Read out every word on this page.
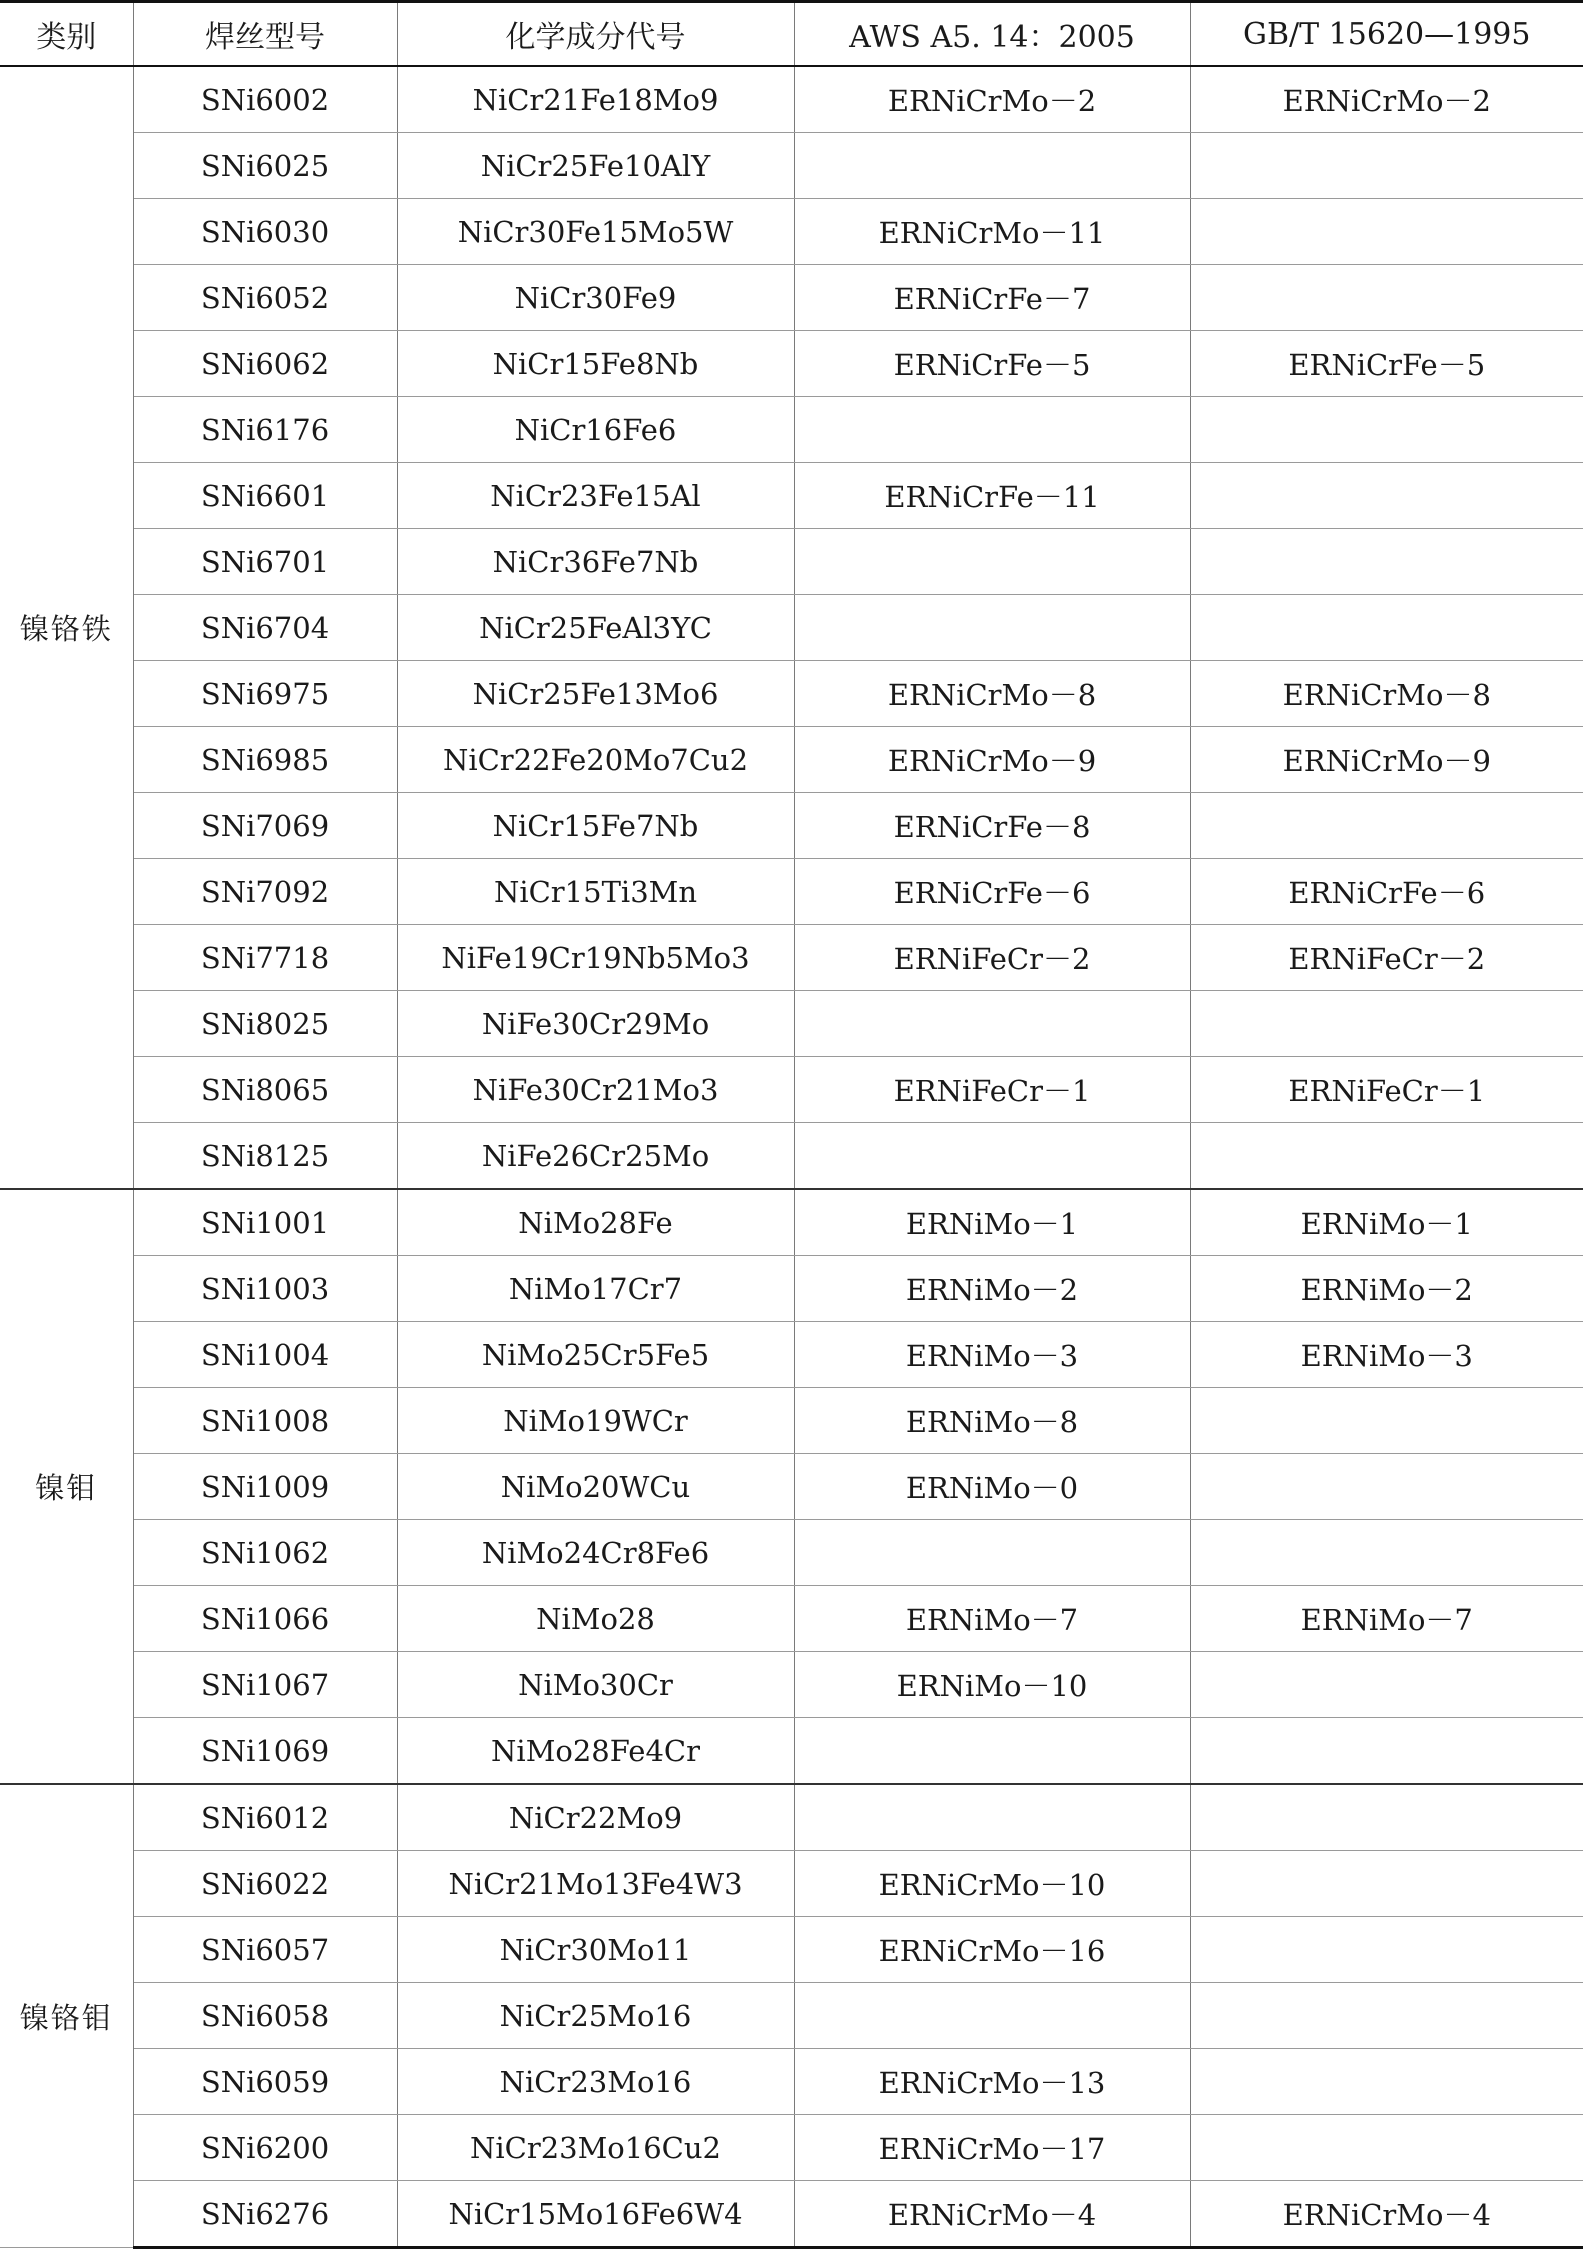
类别	焊丝型号	化学成分代号	AWS A5. 14：2005	GB/T 15620—1995
镍铬铁	SNi6002	NiCr21Fe18Mo9	ERNiCrMo－2	ERNiCrMo－2
	SNi6025	NiCr25Fe10AlY		
	SNi6030	NiCr30Fe15Mo5W	ERNiCrMo－11	
	SNi6052	NiCr30Fe9	ERNiCrFe－7	
	SNi6062	NiCr15Fe8Nb	ERNiCrFe－5	ERNiCrFe－5
	SNi6176	NiCr16Fe6		
	SNi6601	NiCr23Fe15Al	ERNiCrFe－11	
	SNi6701	NiCr36Fe7Nb		
	SNi6704	NiCr25FeAl3YC		
	SNi6975	NiCr25Fe13Mo6	ERNiCrMo－8	ERNiCrMo－8
	SNi6985	NiCr22Fe20Mo7Cu2	ERNiCrMo－9	ERNiCrMo－9
	SNi7069	NiCr15Fe7Nb	ERNiCrFe－8	
	SNi7092	NiCr15Ti3Mn	ERNiCrFe－6	ERNiCrFe－6
	SNi7718	NiFe19Cr19Nb5Mo3	ERNiFeCr－2	ERNiFeCr－2
	SNi8025	NiFe30Cr29Mo		
	SNi8065	NiFe30Cr21Mo3	ERNiFeCr－1	ERNiFeCr－1
	SNi8125	NiFe26Cr25Mo		
镍钼	SNi1001	NiMo28Fe	ERNiMo－1	ERNiMo－1
	SNi1003	NiMo17Cr7	ERNiMo－2	ERNiMo－2
	SNi1004	NiMo25Cr5Fe5	ERNiMo－3	ERNiMo－3
	SNi1008	NiMo19WCr	ERNiMo－8	
	SNi1009	NiMo20WCu	ERNiMo－0	
	SNi1062	NiMo24Cr8Fe6		
	SNi1066	NiMo28	ERNiMo－7	ERNiMo－7
	SNi1067	NiMo30Cr	ERNiMo－10	
	SNi1069	NiMo28Fe4Cr		
镍铬钼	SNi6012	NiCr22Mo9		
	SNi6022	NiCr21Mo13Fe4W3	ERNiCrMo－10	
	SNi6057	NiCr30Mo11	ERNiCrMo－16	
	SNi6058	NiCr25Mo16		
	SNi6059	NiCr23Mo16	ERNiCrMo－13	
	SNi6200	NiCr23Mo16Cu2	ERNiCrMo－17	
	SNi6276	NiCr15Mo16Fe6W4	ERNiCrMo－4	ERNiCrMo－4
